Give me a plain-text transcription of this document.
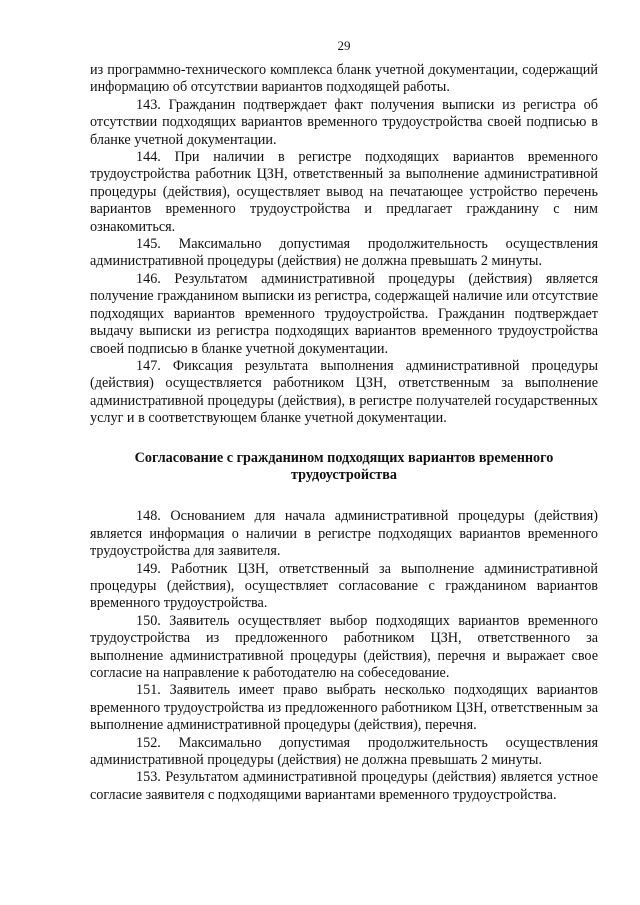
29

из программно-технического комплекса бланк учетной документации, содержащий информацию об отсутствии вариантов подходящей работы.

143. Гражданин подтверждает факт получения выписки из регистра об отсутствии подходящих вариантов временного трудоустройства своей подписью в бланке учетной документации.

144. При наличии в регистре подходящих вариантов временного трудоустройства работник ЦЗН, ответственный за выполнение административной процедуры (действия), осуществляет вывод на печатающее устройство перечень вариантов временного трудоустройства и предлагает гражданину с ним ознакомиться.

145. Максимально допустимая продолжительность осуществления административной процедуры (действия) не должна превышать 2 минуты.

146. Результатом административной процедуры (действия) является получение гражданином выписки из регистра, содержащей наличие или отсутствие подходящих вариантов временного трудоустройства. Гражданин подтверждает выдачу выписки из регистра подходящих вариантов временного трудоустройства своей подписью в бланке учетной документации.

147. Фиксация результата выполнения административной процедуры (действия) осуществляется работником ЦЗН, ответственным за выполнение административной процедуры (действия), в регистре получателей государственных услуг и в соответствующем бланке учетной документации.

Согласование с гражданином подходящих вариантов временного трудоустройства

148. Основанием для начала административной процедуры (действия) является информация о наличии в регистре подходящих вариантов временного трудоустройства для заявителя.

149. Работник ЦЗН, ответственный за выполнение административной процедуры (действия), осуществляет согласование с гражданином вариантов временного трудоустройства.

150. Заявитель осуществляет выбор подходящих вариантов временного трудоустройства из предложенного работником ЦЗН, ответственного за выполнение административной процедуры (действия), перечня и выражает свое согласие на направление к работодателю на собеседование.

151. Заявитель имеет право выбрать несколько подходящих вариантов временного трудоустройства из предложенного работником ЦЗН, ответственным за выполнение административной процедуры (действия), перечня.

152. Максимально допустимая продолжительность осуществления административной процедуры (действия) не должна превышать 2 минуты.

153. Результатом административной процедуры (действия) является устное согласие заявителя с подходящими вариантами временного трудоустройства.
